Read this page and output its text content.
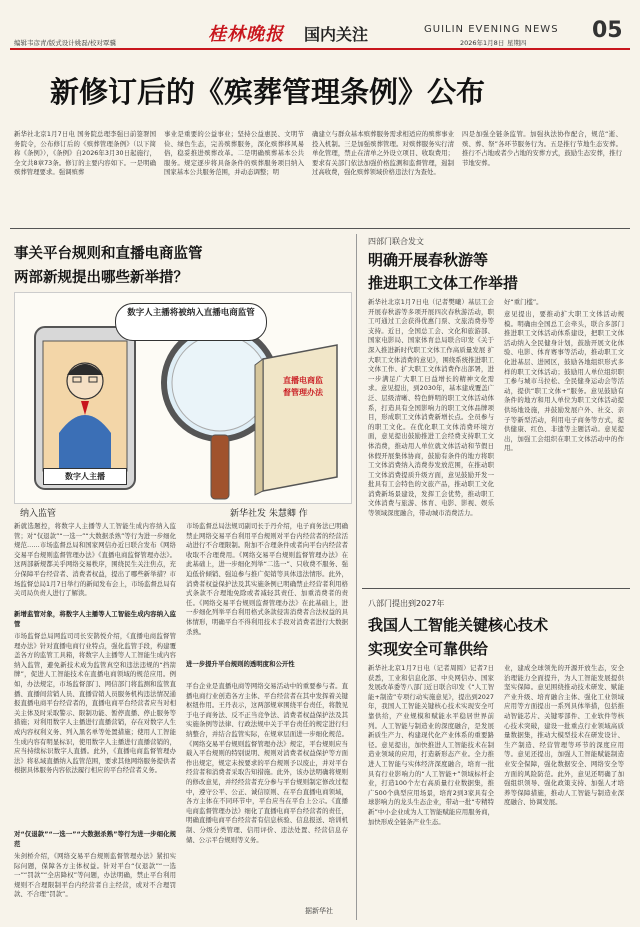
编辑韦彦青/版式设计姚磊/校对覃骥	桂林晚报 国内关注	GUILIN EVENING NEWS
2026年1月8日 星期四	05
新修订后的《殡葬管理条例》公布
新华社北京1月7日电 国务院总理李强日前签署国务院令，公布修订后的《殡葬管理条例》（以下简称《条例》），《条例》自2026年3月30日起施行，全文共8章73条。修订的主要内容如下。一是明确殡葬管理要求。强调殡葬
事业是重要的公益事业；坚持公益惠民、文明节俭、绿色生态，完善殡葬服务，深化殡葬移风易俗，稳妥推进殡葬改革。二是明确殡葬基本公共服务。规定逐步将具备条件的殡葬服务项目纳入国家基本公共服务范围，并动态调整；明
确建立与群众基本殡葬服务需求相适应的殡葬事业投入机制。三是加强殡葬管理。对殡葬服务实行清单化管理，禁止在清单之外设立项目、收取费用；要求有关部门依法加强价格监测和监督管理，遏制过高收费，强化殡葬领域价格违法行为查处。
四是加强全链条监管。加强执法协作配合，规范“逝、殡、葬、祭”各环节服务行为。五是推行节地生态安葬。推行不占地或者少占地的安葬方式，鼓励生态安葬，推行节地安葬。
事关平台规则和直播电商监管
两部新规提出哪些新举措？
数字人主播将被纳入直播电商监管
数字人主播
直播电商监督管理办法
纳入监管	新华社发 朱慧卿 作
新就选题控，将数字人主播等人工智能生成内容纳入监管；对“仅退款”“一选一”“大数据杀熟”等行为进一步细化规范……市场监督总局和国家网信办近日联合发布《网络交易平台规则监督管理办法》《直播电商监督管理办法》。这两部新规都关乎网络交易秩序，围绕民生关注焦点，充分保障平台经营者、消费者权益，提出了哪些新举措？市场监督总局1月7日举行的新闻发布会上，市场监督总局有关司局负责人进行了解读。
新增监管对象，将数字人主播等人工智能生成内容纳入监管
市场监督总局网监司司长安鹊悦介绍，《直播电商监督管理办法》针对直播电商行业特点，强化监管手段，构建覆盖各方的监管工具箱，将数字人主播等人工智能生成内容纳入监管，避免新技术成为监管真空和违法违规的“挡箭牌”，促进人工智能技术在直播电商领域的规范应用。例如，办法规定，市场监督部门、网信部门将监测和监管直播、直播间营销人员、直播营销人员服务机构违法情况通报直播电商平台经营者的，直播电商平台经营者应当对相关主体及时采取警示、限制功能、暂停直播、停止服务等措施；对利用数字人主播进行直播营销，存在对数字人生成内容权利义务、列入黑名单等处置措施；使用人工智能生成内容有明显标识，使用数字人主播进行直播营销的，应当持续标识数字人直播。此外，《直播电商监督管理办法》将私域直播纳入监管范围，要求其他网络服务提供者根据具体服务内容依法履行相应的平台经营者义务。
对“仅退款”“一选一”“大数据杀熟”等行为进一步细化规范
朱剑桥介绍，《网络交易平台规则监督管理办法》紧扣实际问题，保障各方主体权益。针对平台“仅退款”“一选一”“罚款”“全店降权”等问题，办法明确，禁止平台利用规则不合理限制平台内经营者自主经营，或对不合理罚款、不合理“罚款”。
市场监督总局法规司副司长于丹介绍，电子商务法已明确禁止网络交易平台利用平台规则对平台内经营者的经营活动进行不合理限制。附加不合理条件或者向平台内经营者收取不合理费用。《网络交易平台规则监督管理办法》在此基础上，进一步细化列举“二选一”、只收费不服务、强迫低价倾销、强迫参与推广促销等具体违法情形。此外，消费者权益保护法及其实施条例已明确禁止经营者利用格式条款不合理地免除或者减轻其责任、加重消费者的责任。《网络交易平台规则监督管理办法》在此基础上，进一步细化列举平台利用格式条款侵害消费者合法权益的具体情形，明确平台不得利用技术手段对消费者进行大数据杀熟。
进一步提升平台规则的透明度和公开性
平台企业是直播电商等网络交易活动中的重要参与者。直播电商行业创造各方主体、平台经营者在其中发挥着关键枢纽作用。王丹表示，这两部规章围绕平台责任，将散见于电子商务法、反不正当竞争法、消费者权益保护法及其实施条例等法律、行政法规中关于平台责任的规定进行归纳整合，并结合监管实际，在规章层面进一步细化规范。《网络交易平台规则监督管理办法》规定，平台规则应当载入平台规则的特别说明、规则对消费者权益保护等方面作出规定，规定未按要求的平台规则予以废止，并对平台经营者和消费者采取告知措施。此外，该办法明确将规则的修改意见，并经经营者充分参与平台规则制定修改过程中，遵守公平、公正、诚信原则、在平台直播电商领域，各方主体在不同环节中，平台应当在平台上公示。《直播电商监督管理办法》细化了直播电商平台经营者的责任，明确直播电商平台经营者有信息核验、信息报送、培训机制、分级分类管理、信用评价、违法处置、经营信息存储、公示平台规则等义务。
据新华社
四部门联合发文
明确开展春秋游等
推进职工文体工作举措
新华社北京1月7日电（记者樊曦）基层工会开展春秋游等多项开展四次春秋游活动，职工可通过工会获得优惠门票、文旅消费券等支持。近日，全国总工会、文化和旅游部、国家电影局、国家体育总局联合印发《关于深入推进新时代职工文体工作高质量发展 扩大职工文体消费的意见》，围绕系统推进职工文体工作、扩大职工文体消费作出部署，进一步满足广大职工日益增长的精神文化需求。意见提出，到2030年，基本建成覆盖广泛、层级清晰、特色鲜明的职工文体活动体系，打造具有全国影响力的职工文体品牌项目，形成职工文体消费新增长点。全员参与的职工文化。在优化职工文体消费环境方面，意见提出鼓励推进工会经费支持职工文体消费，推动用人单位就文体活动和节假日休假开展集体协商，鼓励有条件的地方将职工文体消费纳入消费券发放范围，在推动职工文体消费提质升级方面，意见鼓励开发一批具有工会特色的文旅产品，推动职工文化消费新场景建设，发挥工会优势，推动职工文体消费与旅游、体育、电影、影视、娱乐等领域深度融合，带动城市消费活力。
好“重门槛”。
意见提出，要推动扩大职工文体活动规模。明确由全国总工会牵头，联合多部门推进职工文体活动体系建设，把职工文体活动纳入全民健身计划，鼓励开展文化体验、电影、体育赛事等活动，推动职工文化进基层、进园区，鼓励各地组织形式多样的职工文体活动；鼓励用人单位组织职工参与城市马拉松、全民健身运动会等活动，提供“职工文体+”服务。意见鼓励有条件的地方和用人单位为职工文体活动提供场地设施，并鼓励发展户外、社交、亲子等新型活动，利用电子商务等方式，提供健康、红色、非遗等主题活动。意见提出，加强工会组织在职工文体活动中的作用。
八部门提出到2027年
我国人工智能关键核心技术
实现安全可靠供给
新华社北京1月7日电（记者周圆）记者7日获悉，工业和信息化部、中央网信办、国家发展改革委等八部门近日联合印发《“人工智能+制造”专项行动实施意见》，提出到2027年，我国人工智能关键核心技术实现安全可靠供给，产业规模和赋能水平稳居世界前列。人工智能与制造业的深度融合，是发展新质生产力、构建现代化产业体系的重要路径。意见提出，加快推进人工智能技术在制造业领域的应用，打造新形态产业。全力推进人工智能与实体经济深度融合，培育一批具有行业影响力的“人工智能+”领域标杆企业，打造100个左右高质量行业数据集，推广500个典型应用场景，培育2到3家具有全球影响力的龙头生态企业，带动一批“专精特新”中小企业成为人工智能赋能应用服务商，加快形成全链条产业生态。
业，建成全球领先的开源开放生态，安全治理能力全面提升，为人工智能发展提供坚实保障。意见围绕推动技术研发、赋能产业升级、培育融合主体、强化工业领域应用等方面提出一系列具体举措，包括推动智能芯片、关键零部件、工业软件等核心技术突破，建设一批重点行业领域高质量数据集，推动大模型技术在研发设计、生产制造、经营管理等环节的深度应用等。意见还提出，加强人工智能赋能制造业安全保障，强化数据安全、网络安全等方面的风险防范。此外，意见还明确了加强组织领导、强化政策支持、加强人才培养等保障措施，推动人工智能与制造业深度融合、协调发展。
